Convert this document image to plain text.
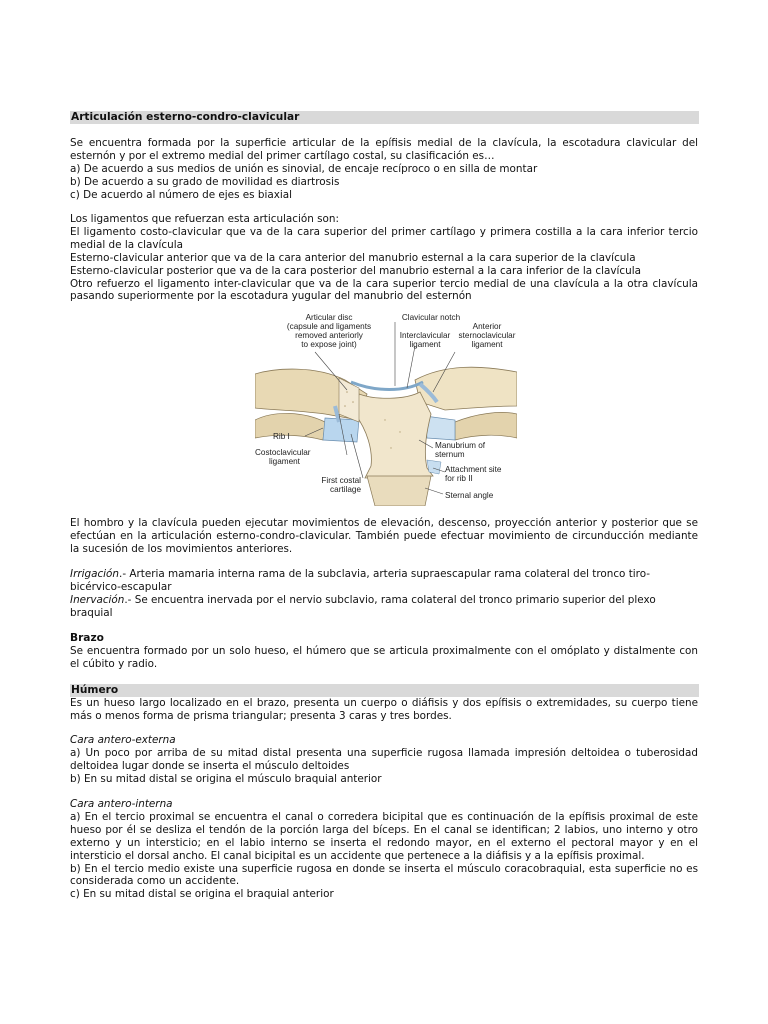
Articulación esterno-condro-clavicular

Se encuentra formada por la superficie articular de la epífisis medial de la clavícula, la escotadura clavicular del esternón y por el extremo medial del primer cartílago costal, su clasificación es…

a) De acuerdo a sus medios de unión es sinovial, de encaje recíproco o en silla de montar

b) De acuerdo a su grado de movilidad es diartrosis

c) De acuerdo al número de ejes es biaxial

Los ligamentos que refuerzan esta articulación son:

El ligamento costo-clavicular que va de la cara superior del primer cartílago y primera costilla a la cara inferior tercio medial de la clavícula

Esterno-clavicular anterior que va de la cara anterior del manubrio esternal a la cara superior de la clavícula

Esterno-clavicular posterior que va de la cara posterior del manubrio esternal a la cara inferior de la clavícula

Otro refuerzo el ligamento inter-clavicular que va de la cara superior tercio medial de una clavícula a la otra clavícula pasando superiormente por la escotadura yugular del manubrio del esternón

El hombro y la clavícula pueden ejecutar movimientos de elevación, descenso, proyección anterior y posterior que se efectúan en la articulación esterno-condro-clavicular. También puede efectuar movimiento de circunducción mediante la sucesión de los movimientos anteriores.

Irrigación.- Arteria mamaria interna rama de la subclavia, arteria supraescapular rama colateral del tronco tiro-bicérvico-escapular

Inervación.- Se encuentra inervada por el nervio subclavio, rama colateral del tronco primario superior del plexo braquial

Brazo

Se encuentra formado por un solo hueso, el húmero que se articula proximalmente con el omóplato y distalmente con el cúbito y radio.

Húmero

Es un hueso largo localizado en el brazo, presenta un cuerpo o diáfisis y dos epífisis o extremidades, su cuerpo tiene más o menos forma de prisma triangular; presenta 3 caras y tres bordes.

Cara antero-externa

a) Un poco por arriba de su mitad distal presenta una superficie rugosa llamada impresión deltoidea o tuberosidad deltoidea lugar donde se inserta el músculo deltoides

b) En su mitad distal se origina el músculo braquial anterior

Cara antero-interna

a) En el tercio proximal se encuentra el canal o corredera bicipital que es continuación de la epífisis proximal de este hueso por él se desliza el tendón de la porción larga del bíceps. En el canal se identifican; 2 labios, uno interno y otro externo y un intersticio; en el labio interno se inserta el redondo mayor, en el externo el pectoral mayor y en el intersticio el dorsal ancho. El canal bicipital es un accidente que pertenece a la diáfisis y a la epífisis proximal.

b) En el tercio medio existe una superficie rugosa en donde se inserta el músculo coracobraquial, esta superficie no es considerada como un accidente.

c) En su mitad distal se origina el braquial anterior

Articular disc
(capsule and ligaments
removed anteriorly
to expose joint)
Clavicular notch
Interclavicular
ligament
Anterior
sternoclavicular
ligament
Rib I
Costoclavicular
ligament
First costal
cartilage
Manubrium of
sternum
Attachment site
for rib II
Sternal angle
